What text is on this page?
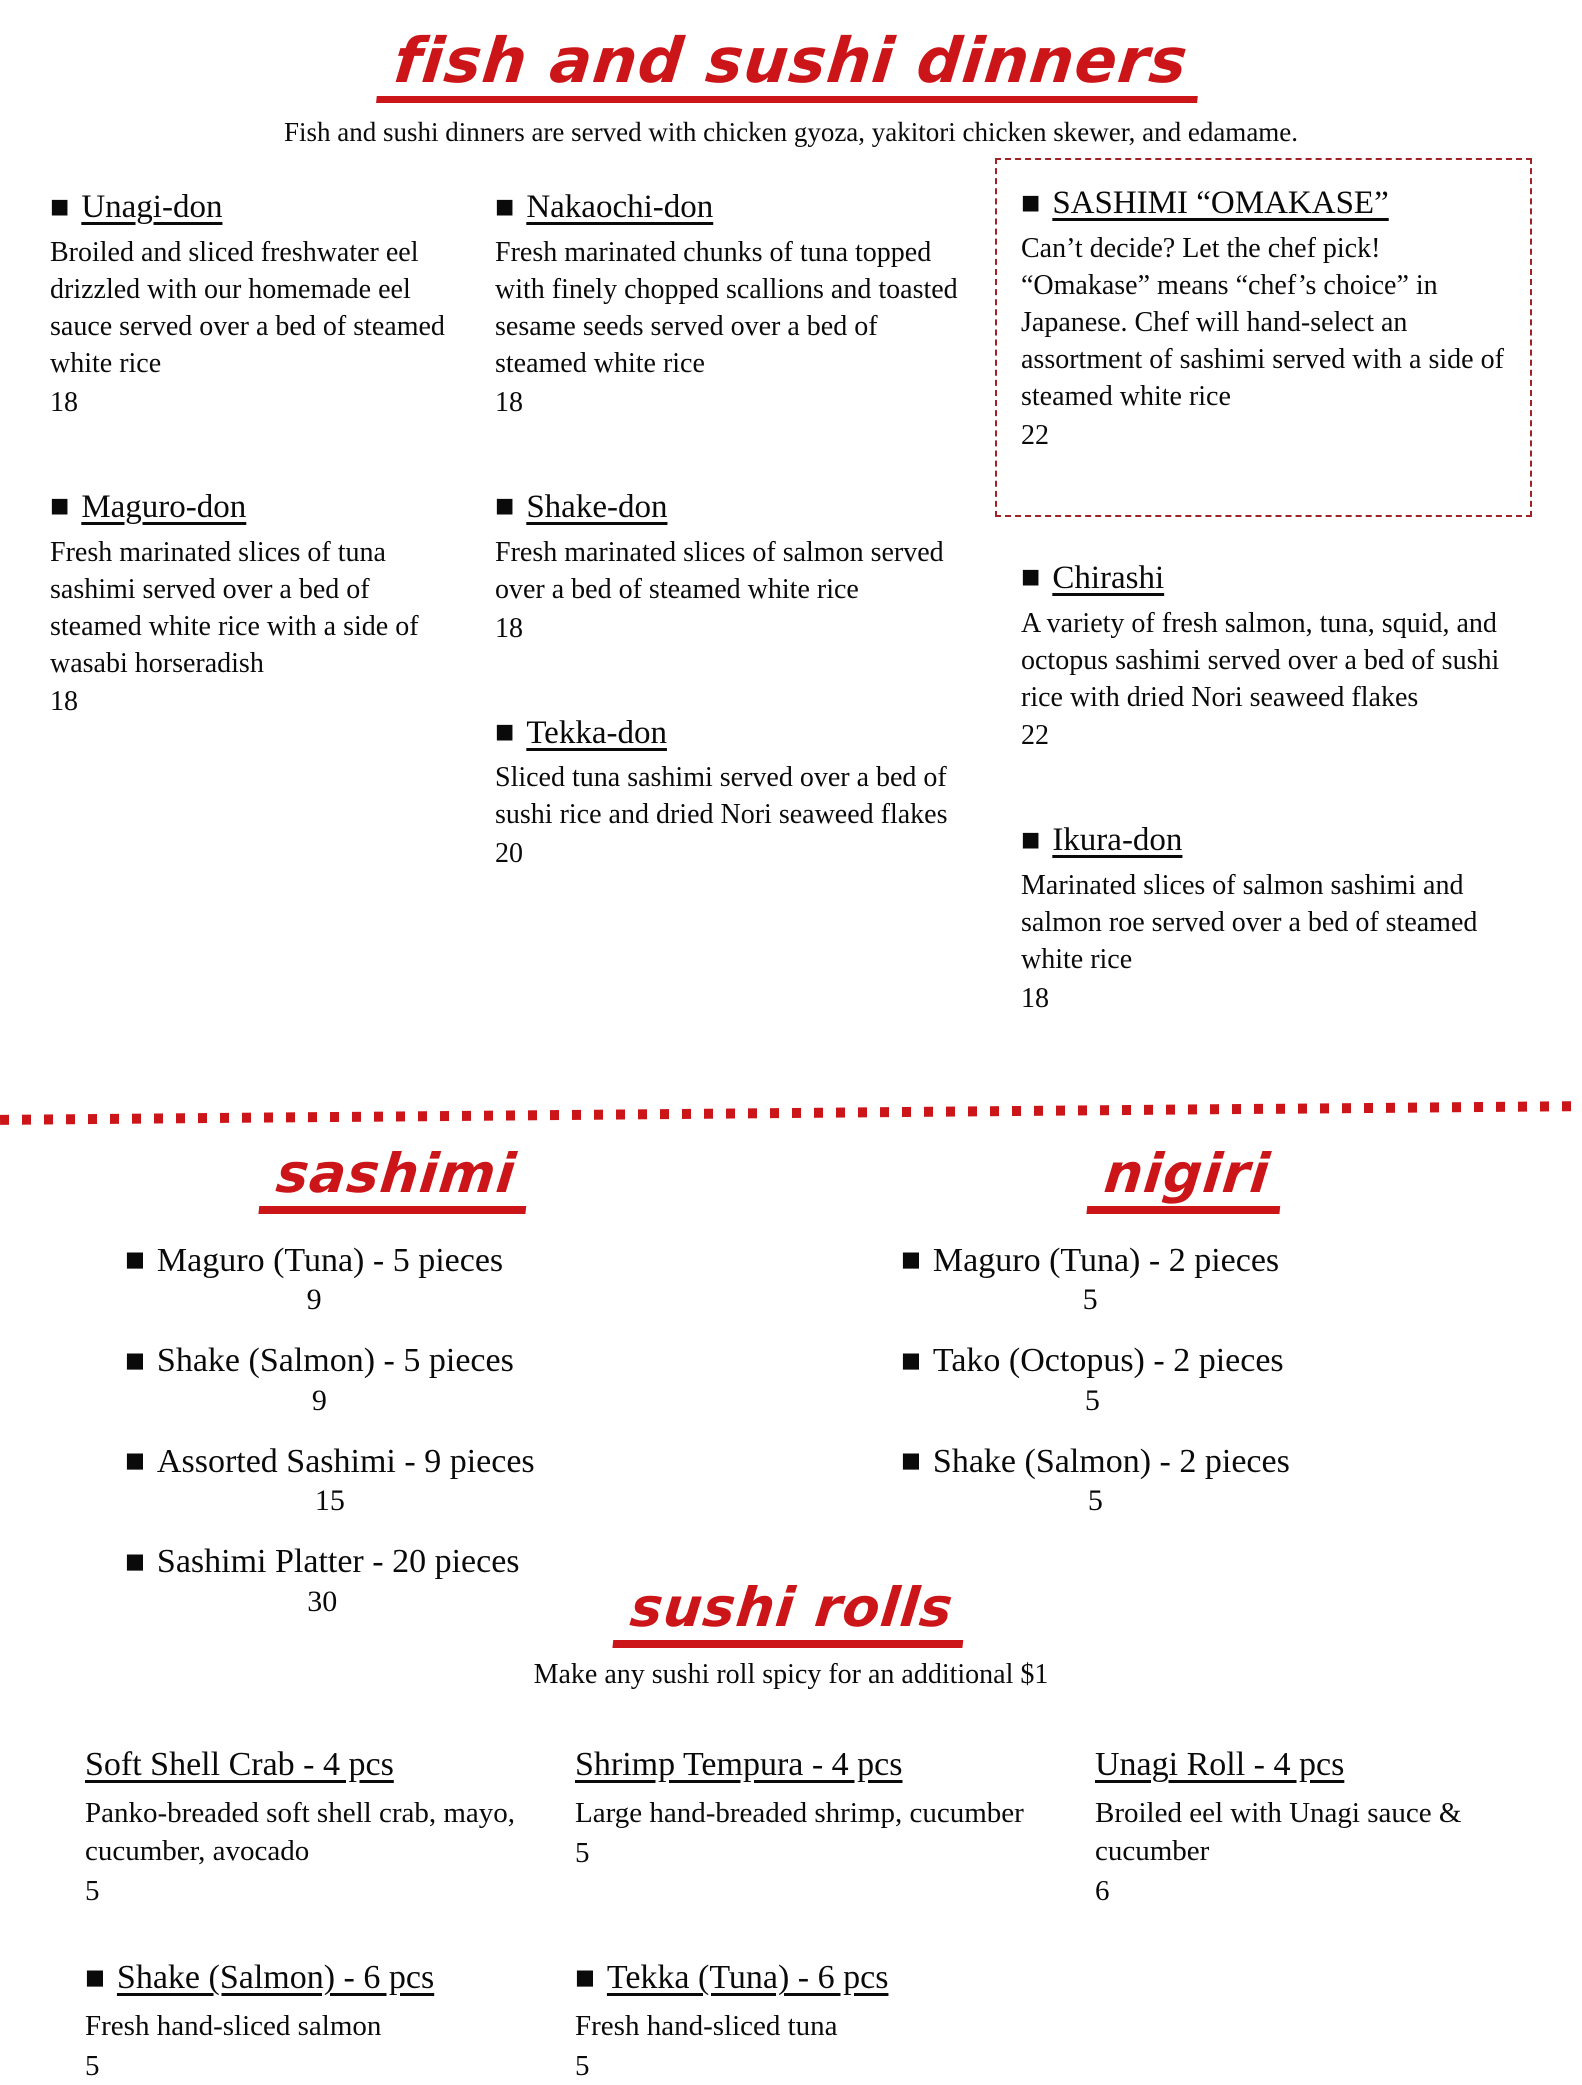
fish and sushi dinners
Fish and sushi dinners are served with chicken gyoza, yakitori chicken skewer, and edamame.
■ Unagi-don
Broiled and sliced freshwater eel drizzled with our homemade eel sauce served over a bed of steamed white rice
18
■ Maguro-don
Fresh marinated slices of tuna sashimi served over a bed of steamed white rice with a side of wasabi horseradish
18
■ Nakaochi-don
Fresh marinated chunks of tuna topped with finely chopped scallions and toasted sesame seeds served over a bed of steamed white rice
18
■ Shake-don
Fresh marinated slices of salmon served over a bed of steamed white rice
18
■ Tekka-don
Sliced tuna sashimi served over a bed of sushi rice and dried Nori seaweed flakes
20
■ SASHIMI “OMAKASE”
Can’t decide? Let the chef pick! “Omakase” means “chef’s choice” in Japanese. Chef will hand-select an assortment of sashimi served with a side of steamed white rice
22
■ Chirashi
A variety of fresh salmon, tuna, squid, and octopus sashimi served over a bed of sushi rice with dried Nori seaweed flakes
22
■ Ikura-don
Marinated slices of salmon sashimi and salmon roe served over a bed of steamed white rice
18
sashimi
■ Maguro (Tuna) - 5 pieces
9
■ Shake (Salmon) - 5 pieces
9
■ Assorted Sashimi - 9 pieces
15
■ Sashimi Platter - 20 pieces
30
nigiri
■ Maguro (Tuna) - 2 pieces
5
■ Tako (Octopus) - 2 pieces
5
■ Shake (Salmon) - 2 pieces
5
sushi rolls
Make any sushi roll spicy for an additional $1
Soft Shell Crab - 4 pcs
Panko-breaded soft shell crab, mayo, cucumber, avocado
5
Shrimp Tempura - 4 pcs
Large hand-breaded shrimp, cucumber
5
Unagi Roll - 4 pcs
Broiled eel with Unagi sauce & cucumber
6
■ Shake (Salmon) - 6 pcs
Fresh hand-sliced salmon
5
■ Tekka (Tuna) - 6 pcs
Fresh hand-sliced tuna
5
